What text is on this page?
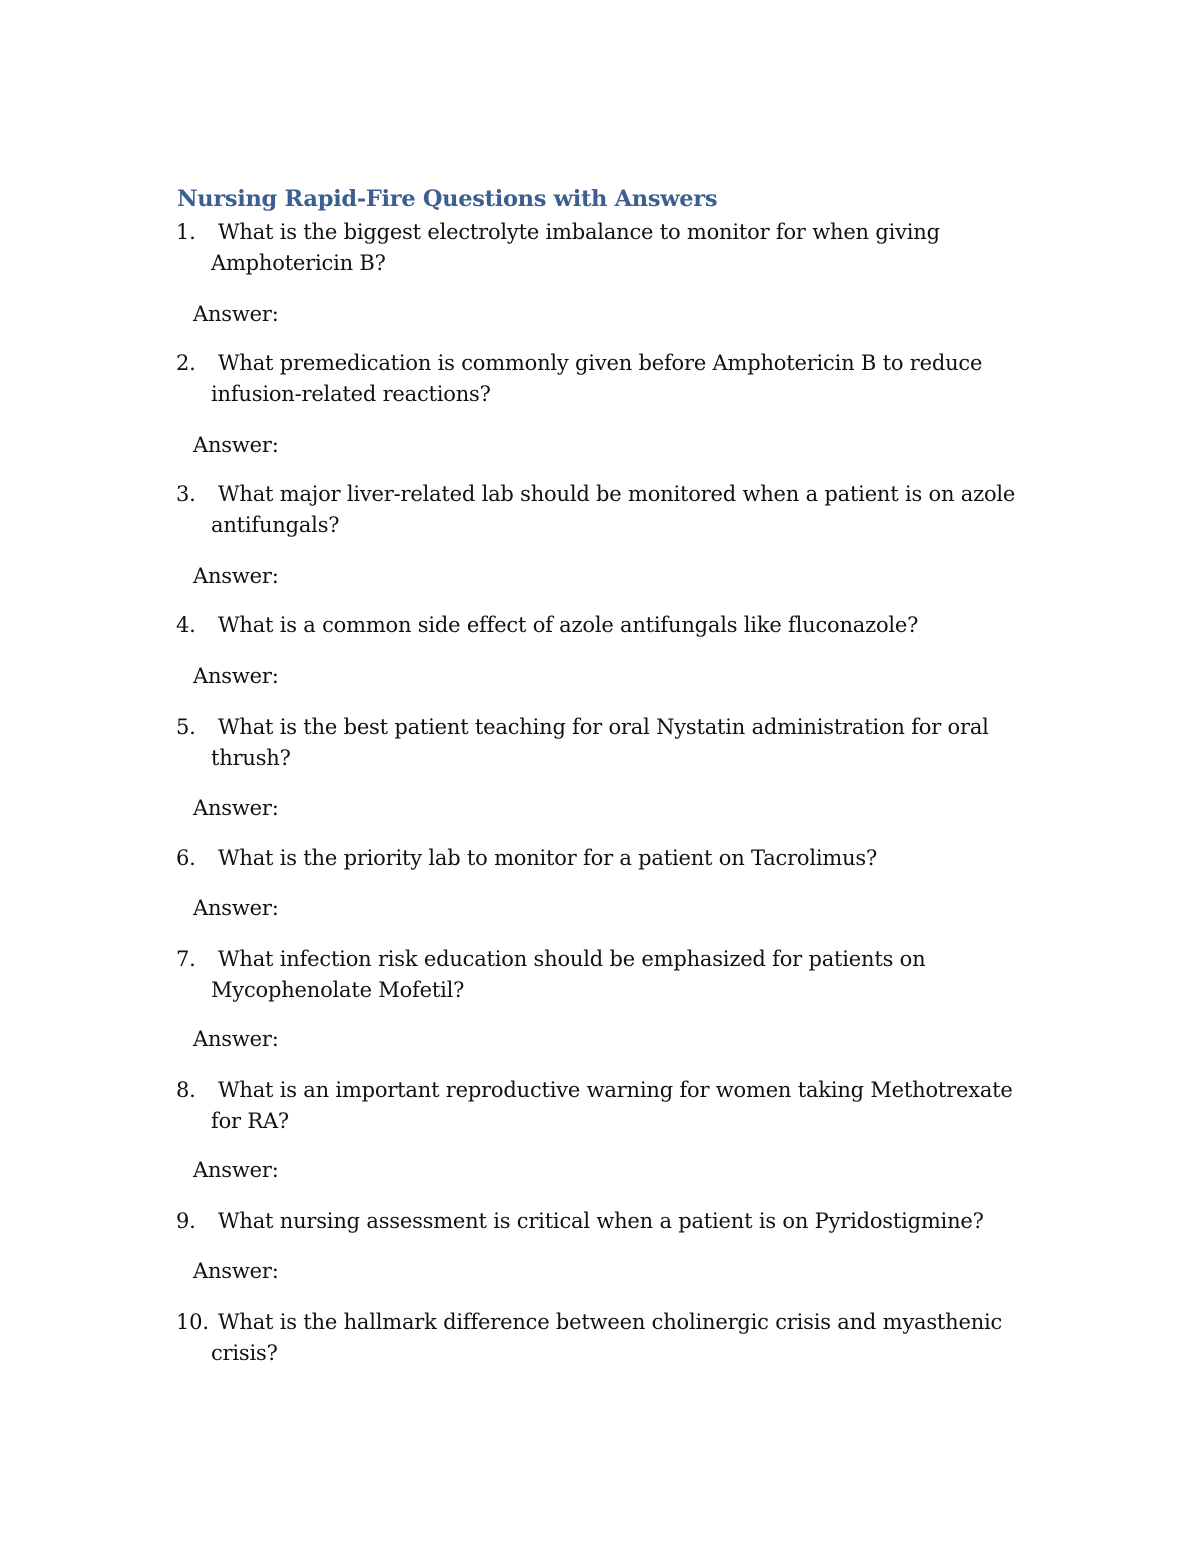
Nursing Rapid-Fire Questions with Answers
1.	What is the biggest electrolyte imbalance to monitor for when giving Amphotericin B?
Answer:
2.	What premedication is commonly given before Amphotericin B to reduce infusion-related reactions?
Answer:
3.	What major liver-related lab should be monitored when a patient is on azole antifungals?
Answer:
4.	What is a common side effect of azole antifungals like fluconazole?
Answer:
5.	What is the best patient teaching for oral Nystatin administration for oral thrush?
Answer:
6.	What is the priority lab to monitor for a patient on Tacrolimus?
Answer:
7.	What infection risk education should be emphasized for patients on Mycophenolate Mofetil?
Answer:
8.	What is an important reproductive warning for women taking Methotrexate for RA?
Answer:
9.	What nursing assessment is critical when a patient is on Pyridostigmine?
Answer:
10. What is the hallmark difference between cholinergic crisis and myasthenic crisis?
